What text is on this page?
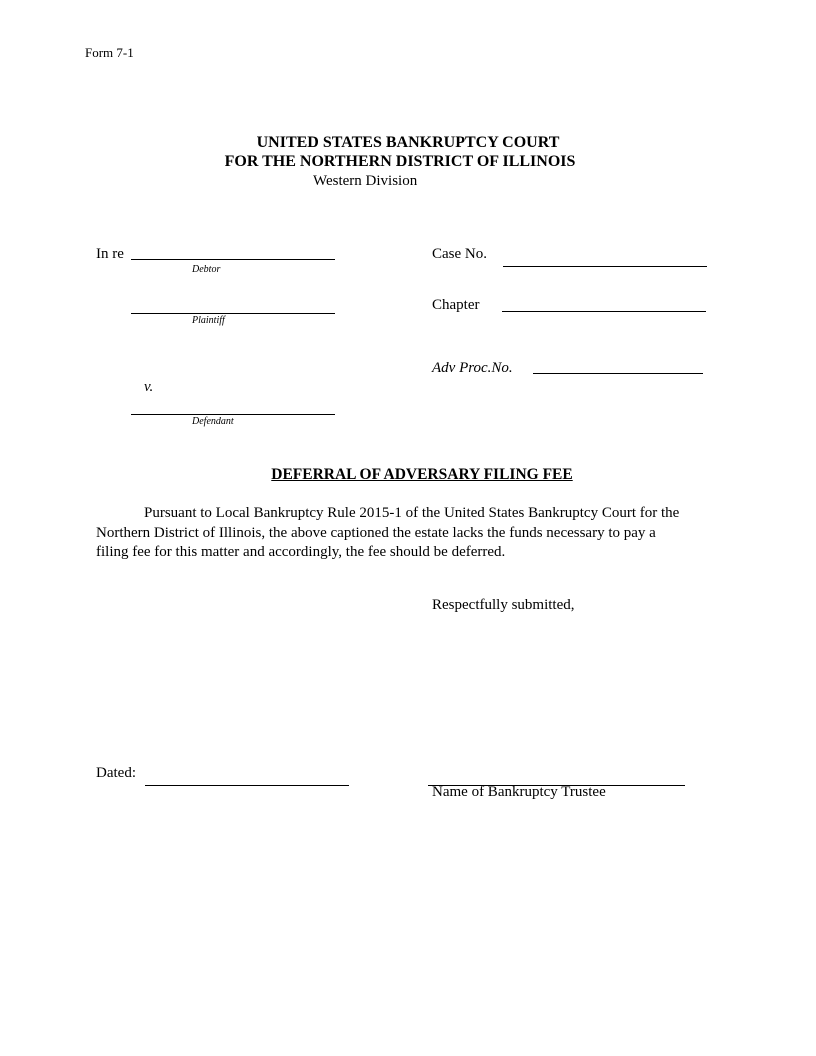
Form 7-1
UNITED STATES BANKRUPTCY COURT
FOR THE NORTHERN DISTRICT OF ILLINOIS
Western Division
In re
Debtor
Plaintiff
v.
Defendant
Case No.
Chapter
Adv Proc.No.
DEFERRAL OF ADVERSARY FILING FEE
Pursuant to Local Bankruptcy Rule 2015-1 of the United States Bankruptcy Court for the
Northern District of Illinois, the above captioned the estate lacks the funds necessary to pay a
filing fee for this matter and accordingly, the fee should be deferred.
Respectfully submitted,
Dated:
Name of Bankruptcy Trustee
